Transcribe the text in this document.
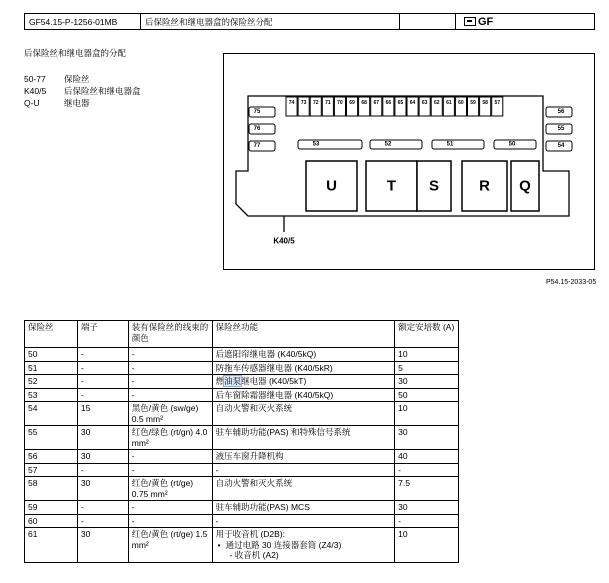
GF54.15-P-1256-01MB	后保险丝和继电器盒的保险丝分配	GF
后保险丝和继电器盒的分配
50-77	保险丝
K40/5	后保险丝和继电器盒
Q-U	继电器	74 73 72 71 70 69 68 67 66 65 64 63 62 61 60 59 58 57
75
76
77
56
55
54
53	52	51	50
U	T S	R Q
K40/5
P54.15-2033-05
保险丝	端子	装有保险丝的线束的颜色	保险丝功能	额定安培数 (A)
50	-	-	后遮阳帘继电器 (K40/5kQ)	10
51	-	-	防拖车传感器继电器 (K40/5kR)	5
52	-	-	燃油泵继电器 (K40/5kT)	30
53	-	-	后车窗除霜器继电器 (K40/5kQ)	50
54	15	黑色/黄色 (sw/ge) 0.5 mm²	自动火警和灭火系统	10
55	30	红色/绿色 (rt/gn) 4.0 mm²	驻车辅助功能(PAS) 和特殊信号系统	30
56	30	-	液压车窗升降机构	40
57	-	-	-	-
58	30	红色/黄色 (rt/ge) 0.75 mm²	自动火警和灭火系统	7.5
59	-	-	驻车辅助功能(PAS) MCS	30
60	-	-	-	-
61	30	红色/黄色 (rt/ge) 1.5 mm²	用于收音机 (D2B):
• 通过电路 30 连接器套筒 (Z4/3)
- 收音机 (A2)	10
